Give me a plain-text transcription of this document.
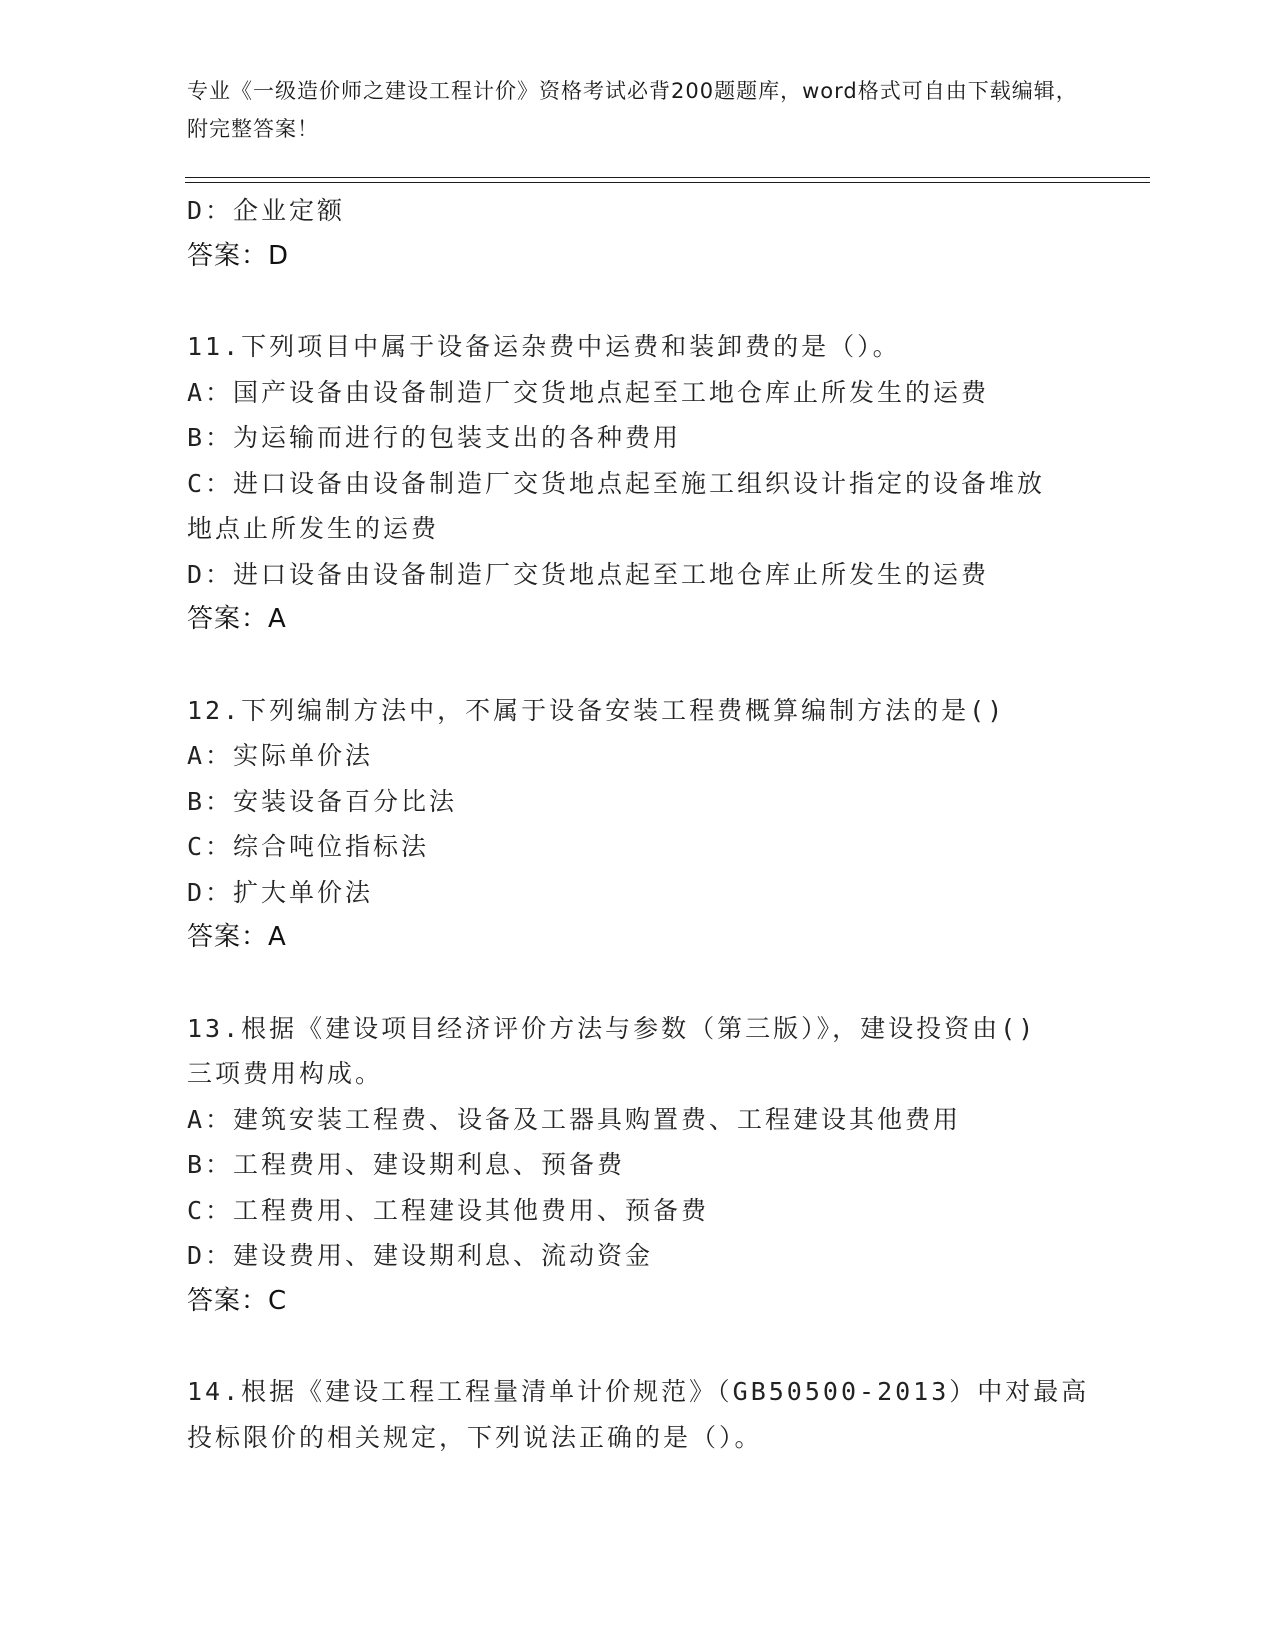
专业《一级造价师之建设工程计价》资格考试必背200题题库，word格式可自由下载编辑，附完整答案！
D：企业定额
答案：D
11.下列项目中属于设备运杂费中运费和装卸费的是（）。
A：国产设备由设备制造厂交货地点起至工地仓库止所发生的运费
B：为运输而进行的包装支出的各种费用
C：进口设备由设备制造厂交货地点起至施工组织设计指定的设备堆放
地点止所发生的运费
D：进口设备由设备制造厂交货地点起至工地仓库止所发生的运费
答案：A
12.下列编制方法中，不属于设备安装工程费概算编制方法的是()
A：实际单价法
B：安装设备百分比法
C：综合吨位指标法
D：扩大单价法
答案：A
13.根据《建设项目经济评价方法与参数（第三版）》，建设投资由()
三项费用构成。
A：建筑安装工程费、设备及工器具购置费、工程建设其他费用
B：工程费用、建设期利息、预备费
C：工程费用、工程建设其他费用、预备费
D：建设费用、建设期利息、流动资金
答案：C
14.根据《建设工程工程量清单计价规范》（GB50500-2013）中对最高
投标限价的相关规定，下列说法正确的是（）。
